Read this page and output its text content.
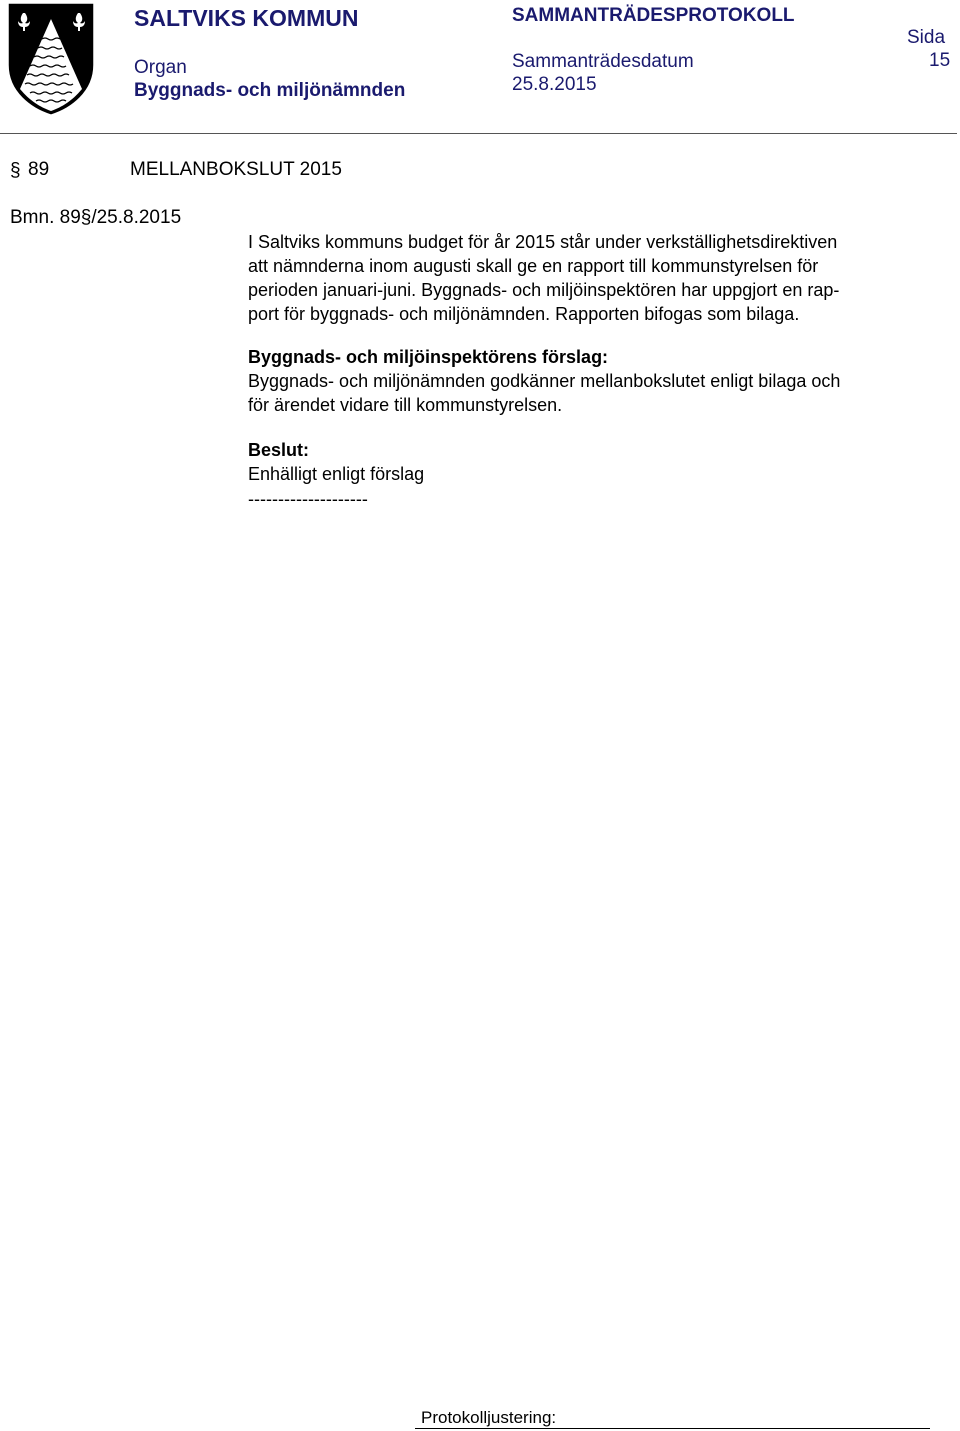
SALTVIKS KOMMUN
Organ
Byggnads- och miljönämnden
SAMMANTRÄDESPROTOKOLL
Sammanträdesdatum
25.8.2015
Sida
15
§ 89	MELLANBOKSLUT 2015
Bmn. 89§/25.8.2015
I Saltviks kommuns budget för år 2015 står under verkställighetsdirektiven
att nämnderna inom augusti skall ge en rapport till kommunstyrelsen för
perioden januari-juni. Byggnads- och miljöinspektören har uppgjort en rap-
port för byggnads- och miljönämnden. Rapporten bifogas som bilaga.
Byggnads- och miljöinspektörens förslag:
Byggnads- och miljönämnden godkänner mellanbokslutet enligt bilaga och
för ärendet vidare till kommunstyrelsen.
Beslut:
Enhälligt enligt förslag
--------------------
Protokolljustering:
